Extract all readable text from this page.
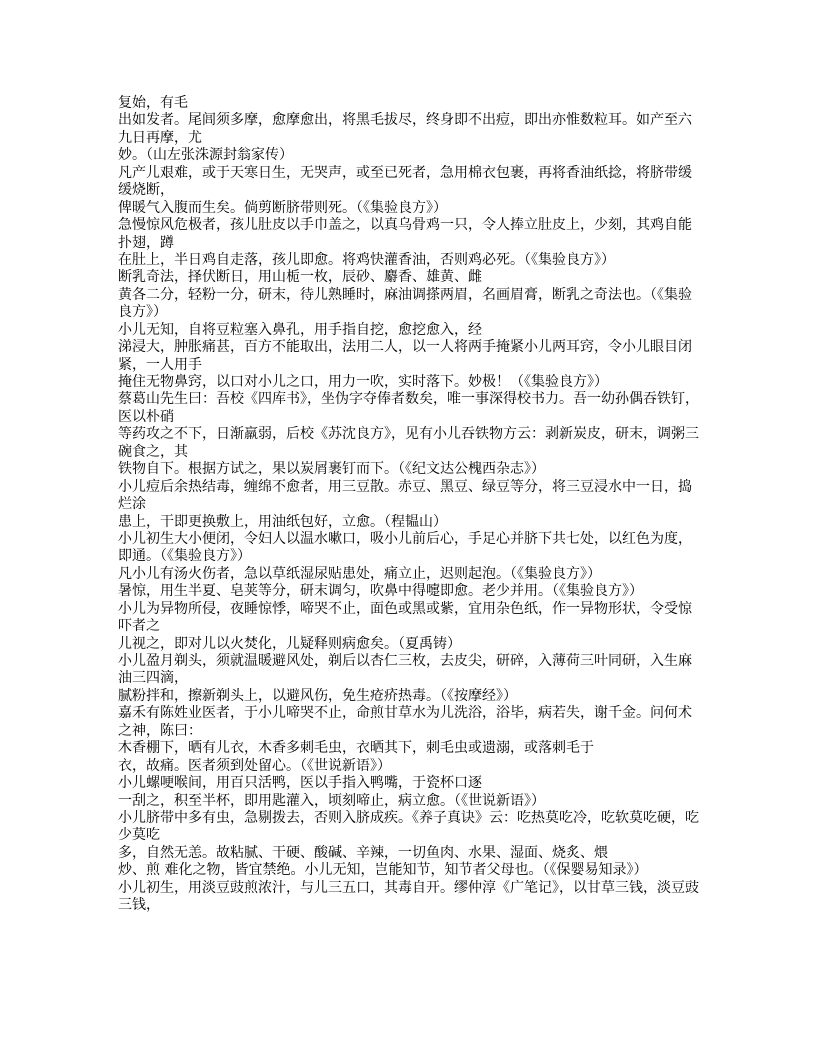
复始，有毛
出如发者。尾闾须多摩，愈摩愈出，将黑毛拔尽，终身即不出痘，即出亦惟数粒耳。如产至六
九日再摩，尤
妙。（山左张洙源封翁家传）
凡产儿艰难，或于天寒日生，无哭声，或至已死者，急用棉衣包裹，再将香油纸捻，将脐带缓
缓烧断，
俾暖气入腹而生矣。倘剪断脐带则死。（《集验良方》）
急慢惊风危极者，孩儿肚皮以手巾盖之，以真乌骨鸡一只，令人捧立肚皮上，少刻，其鸡自能
扑翅，蹲
在肚上，半日鸡自走落，孩儿即愈。将鸡快灌香油，否则鸡必死。（《集验良方》）
断乳奇法，择伏断日，用山栀一枚，辰砂、麝香、雄黄、雌
黄各二分，轻粉一分，研末，待儿熟睡时，麻油调搽两眉，名画眉膏，断乳之奇法也。（《集验
良方》）
小儿无知，自将豆粒塞入鼻孔，用手指自挖，愈挖愈入，经
涕浸大，肿胀痛甚，百方不能取出，法用二人，以一人将两手掩紧小儿两耳窍，令小儿眼目闭
紧，一人用手
掩住无物鼻窍，以口对小儿之口，用力一吹，实时落下。妙极！（《集验良方》）
蔡葛山先生曰：吾校《四库书》，坐伪字夺俸者数矣，唯一事深得校书力。吾一幼孙偶吞铁钉，
医以朴硝
等药攻之不下，日渐羸弱，后校《苏沈良方》，见有小儿吞铁物方云：剥新炭皮，研末，调粥三
碗食之，其
铁物自下。根据方试之，果以炭屑裹钉而下。（《纪文达公槐西杂志》）
小儿痘后余热结毒，缠绵不愈者，用三豆散。赤豆、黑豆、绿豆等分，将三豆浸水中一日，捣
烂涂
患上，干即更换敷上，用油纸包好，立愈。（程韫山）
小儿初生大小便闭，令妇人以温水嗽口，吸小儿前后心，手足心并脐下共七处，以红色为度，
即通。（《集验良方》）
凡小儿有汤火伤者，急以草纸湿尿贴患处，痛立止，迟则起泡。（《集验良方》）
暑惊，用生半夏、皂荚等分，研末调匀，吹鼻中得嚏即愈。老少并用。（《集验良方》）
小儿为异物所侵，夜睡惊悸，啼哭不止，面色或黑或紫，宜用杂色纸，作一异物形状，令受惊
吓者之
儿视之，即对儿以火焚化，儿疑释则病愈矣。（夏禹铸）
小儿盈月剃头，须就温暖避风处，剃后以杏仁三枚，去皮尖，研碎，入薄荷三叶同研，入生麻
油三四滴，
腻粉拌和，擦新剃头上，以避风伤，免生疮疥热毒。（《按摩经》）
嘉禾有陈姓业医者，于小儿啼哭不止，命煎甘草水为儿洗浴，浴毕，病若失，谢千金。问何术
之神，陈曰：
木香棚下，晒有儿衣，木香多刺毛虫，衣晒其下，刺毛虫或遗溺，或落刺毛于
衣，故痛。医者须到处留心。（《世说新语》）
小儿螺哽喉间，用百只活鸭，医以手指入鸭嘴，于瓷杯口逐
一刮之，积至半杯，即用匙灌入，顷刻啼止，病立愈。（《世说新语》）
小儿脐带中多有虫，急剔拨去，否则入脐成疾。《养子真诀》云：吃热莫吃冷，吃软莫吃硬，吃
少莫吃
多，自然无恙。故粘腻、干硬、酸碱、辛辣，一切鱼肉、水果、湿面、烧炙、煨
炒、煎 难化之物，皆宜禁绝。小儿无知，岂能知节，知节者父母也。（《保婴易知录》）
小儿初生，用淡豆豉煎浓汁，与儿三五口，其毒自开。缪仲淳《广笔记》，以甘草三钱，淡豆豉
三钱，
